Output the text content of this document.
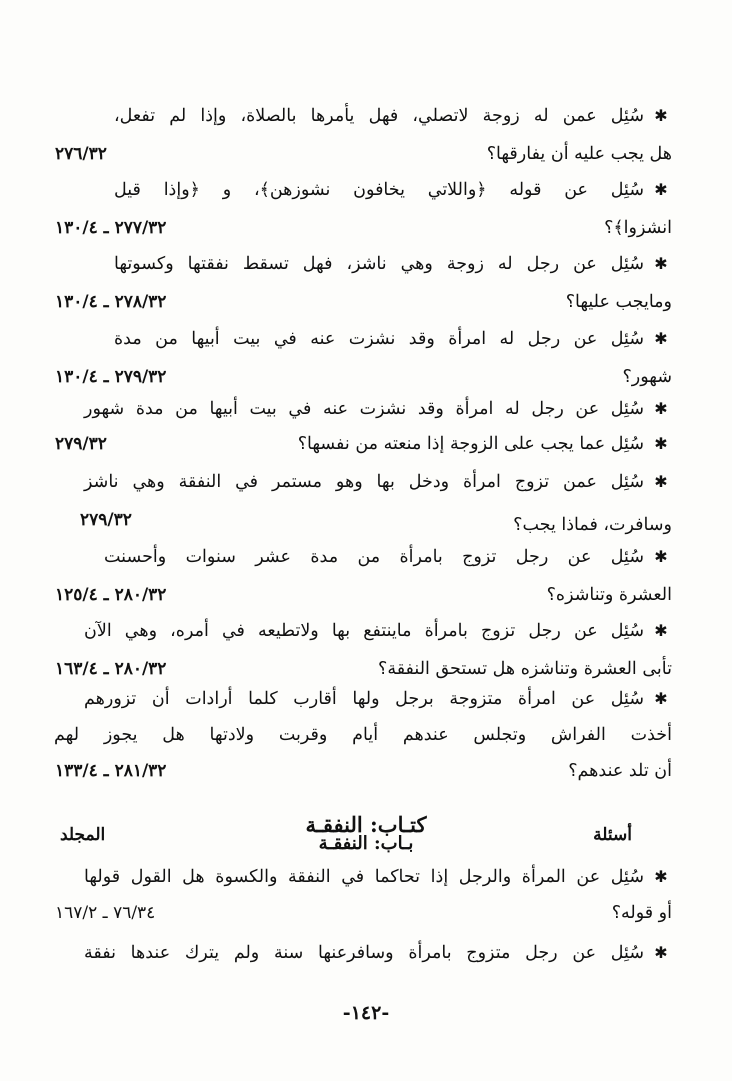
✱
سُئِل عمن له زوجة لاتصلي، فهل يأمرها بالصلاة، وإذا لم تفعل،
هل يجب عليه أن يفارقها؟
٢٧٦/٣٢
✱
سُئِل عن قوله ﴿واللاتي يخافون نشوزهن﴾، و ﴿وإذا قيل
انشزوا﴾؟
٢٧٧/٣٢ ـ ١٣٠/٤
✱
سُئِل عن رجل له زوجة وهي ناشز، فهل تسقط نفقتها وكسوتها
ومايجب عليها؟
٢٧٨/٣٢ ـ ١٣٠/٤
✱
سُئِل عن رجل له امرأة وقد نشزت عنه في بيت أبيها من مدة
شهور؟
٢٧٩/٣٢ ـ ١٣٠/٤
✱
سُئِل عن رجل له امرأة وقد نشزت عنه في بيت أبيها من مدة شهور
✱
سُئِل عما يجب على الزوجة إذا منعته من نفسها؟
٢٧٩/٣٢
✱
سُئِل عمن تزوج امرأة ودخل بها وهو مستمر في النفقة وهي ناشز
وسافرت، فماذا يجب؟
٢٧٩/٣٢
✱
سُئِل عن رجل تزوج بامرأة من مدة عشر سنوات وأحسنت
العشرة وتناشزه؟
٢٨٠/٣٢ ـ ١٢٥/٤
✱
سُئِل عن رجل تزوج بامرأة ماينتفع بها ولاتطيعه في أمره، وهي الآن
تأبى العشرة وتناشزه هل تستحق النفقة؟
٢٨٠/٣٢ ـ ١٦٣/٤
✱
سُئِل عن امرأة متزوجة برجل ولها أقارب كلما أرادات أن تزورهم
أخذت الفراش وتجلس عندهم أيام وقربت ولادتها هل يجوز لهم
أن تلد عندهم؟
٢٨١/٣٢ ـ ١٣٣/٤
كتـاب: النفقـة	أسئلة
بـاب: النفقـة
المجلد
✱
سُئِل عن المرأة والرجل إذا تحاكما في النفقة والكسوة هل القول قولها
أو قوله؟
٧٦/٣٤ ـ ١٦٧/٢
✱
سُئِل عن رجل متزوج بامرأة وسافرعنها سنة ولم يترك عندها نفقة
-١٤٢-
